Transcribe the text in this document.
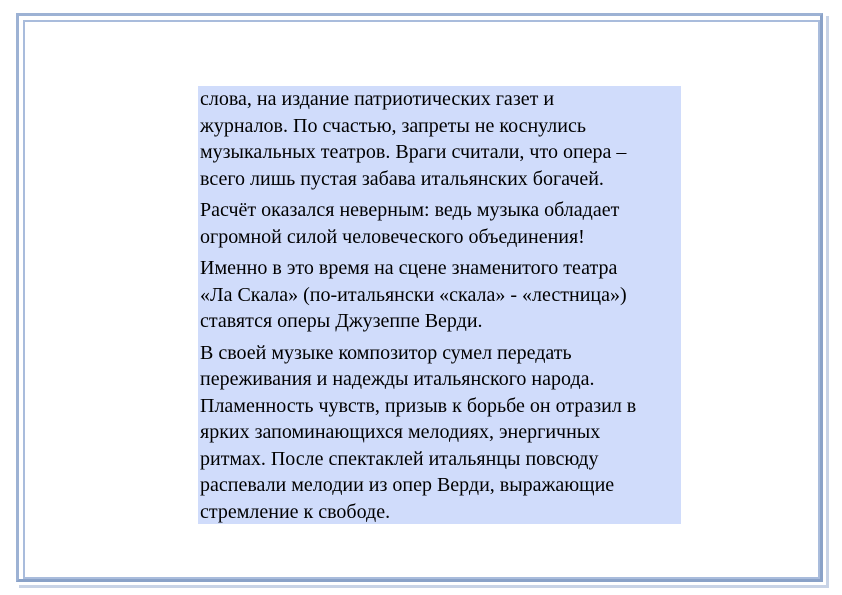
слова, на издание патриотических газет и
журналов. По счастью, запреты не коснулись
музыкальных театров. Враги считали, что опера –
всего лишь пустая забава итальянских богачей.

Расчёт оказался неверным: ведь музыка обладает
огромной силой человеческого объединения!

Именно в это время на сцене знаменитого театра
«Ла Скала» (по-итальянски «скала» - «лестница»)
ставятся оперы Джузеппе Верди.

В своей музыке композитор сумел передать
переживания и надежды итальянского народа.
Пламенность чувств, призыв к борьбе он отразил в
ярких запоминающихся мелодиях, энергичных
ритмах. После спектаклей итальянцы повсюду
распевали мелодии из опер Верди, выражающие
стремление к свободе.
